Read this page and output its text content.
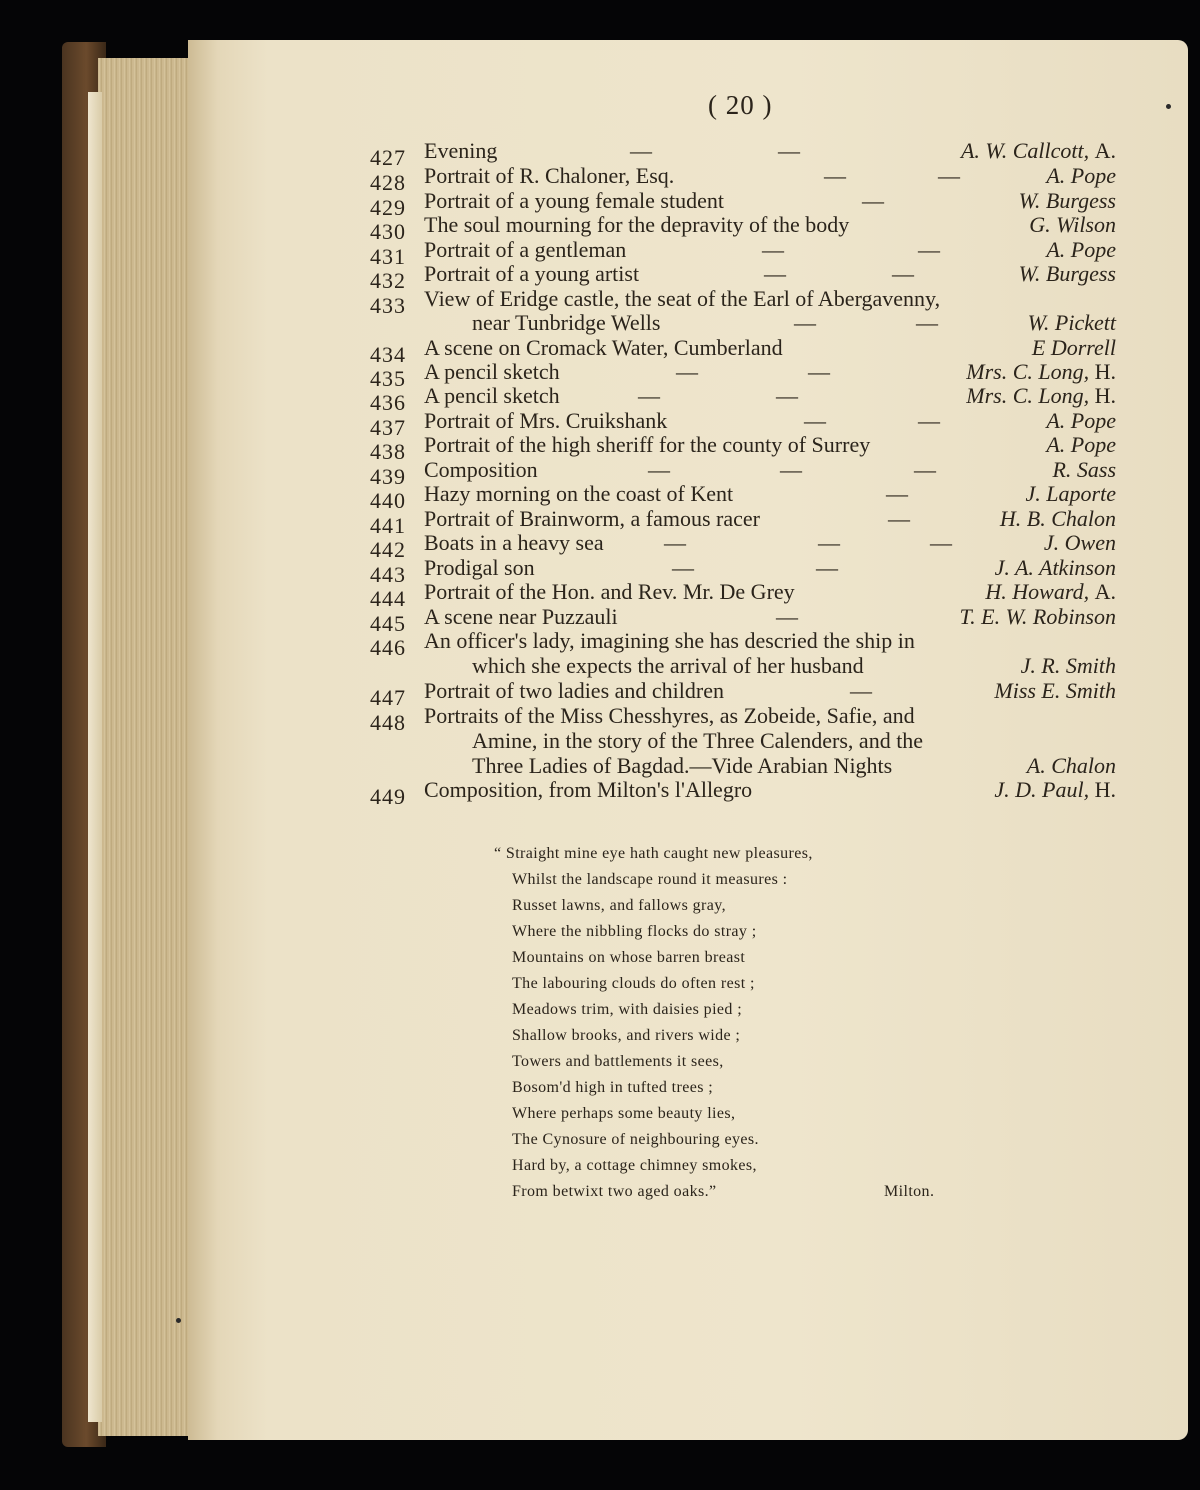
( 20 )
427 Evening	—	—	A. W. Callcott, A.
428 Portrait of R. Chaloner, Esq.	—	—	A. Pope
429 Portrait of a young female student	—	W. Burgess
430 The soul mourning for the depravity of the body	G. Wilson
431 Portrait of a gentleman	—	—	A. Pope
432 Portrait of a young artist	—	—	W. Burgess
433 View of Eridge castle, the seat of the Earl of Abergavenny,
near Tunbridge Wells	—	—	W. Pickett
434 A scene on Cromack Water, Cumberland	E Dorrell
435 A pencil sketch	—	—	Mrs. C. Long, H.
436 A pencil sketch	—	—	Mrs. C. Long, H.
437 Portrait of Mrs. Cruikshank	—	—	A. Pope
438 Portrait of the high sheriff for the county of Surrey	A. Pope
439 Composition	—	—	—	R. Sass
440 Hazy morning on the coast of Kent	—	J. Laporte
441 Portrait of Brainworm, a famous racer	—	H. B. Chalon
442 Boats in a heavy sea	—	—	—	J. Owen
443 Prodigal son	—	—	J. A. Atkinson
444 Portrait of the Hon. and Rev. Mr. De Grey	H. Howard, A.
445 A scene near Puzzauli	—	T. E. W. Robinson
446 An officer's lady, imagining she has descried the ship in
which she expects the arrival of her husband	J. R. Smith
447 Portrait of two ladies and children	—	Miss E. Smith
448 Portraits of the Miss Chesshyres, as Zobeide, Safie, and
Amine, in the story of the Three Calenders, and the
Three Ladies of Bagdad.—Vide Arabian Nights	A. Chalon
449 Composition, from Milton's l'Allegro	J. D. Paul, H.
“ Straight mine eye hath caught new pleasures,
Whilst the landscape round it measures :
Russet lawns, and fallows gray,
Where the nibbling flocks do stray ;
Mountains on whose barren breast
The labouring clouds do often rest ;
Meadows trim, with daisies pied ;
Shallow brooks, and rivers wide ;
Towers and battlements it sees,
Bosom'd high in tufted trees ;
Where perhaps some beauty lies,
The Cynosure of neighbouring eyes.
Hard by, a cottage chimney smokes,
From betwixt two aged oaks.”	Milton.
